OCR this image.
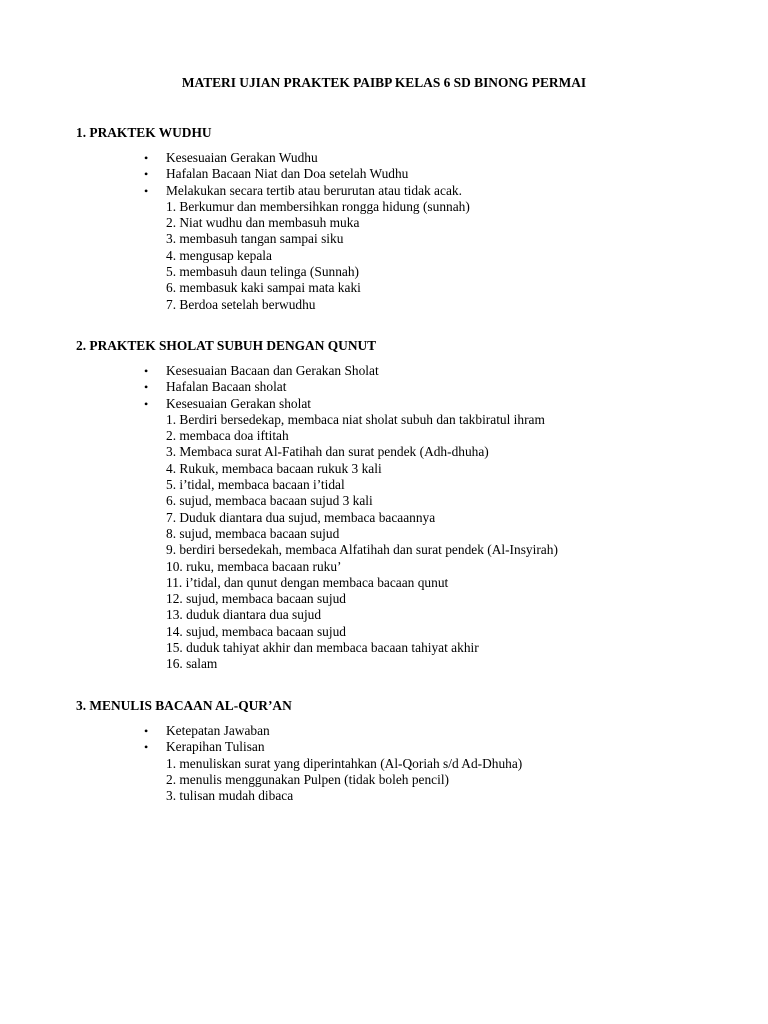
MATERI UJIAN PRAKTEK PAIBP KELAS 6 SD BINONG PERMAI
1. PRAKTEK WUDHU
• Kesesuaian Gerakan Wudhu
• Hafalan Bacaan Niat dan Doa setelah Wudhu
• Melakukan secara tertib atau berurutan atau tidak acak.
1. Berkumur dan membersihkan rongga hidung (sunnah)
2. Niat wudhu dan membasuh muka
3. membasuh tangan sampai siku
4. mengusap kepala
5. membasuh daun telinga (Sunnah)
6. membasuk kaki sampai mata kaki
7. Berdoa setelah berwudhu
2. PRAKTEK SHOLAT SUBUH DENGAN QUNUT
• Kesesuaian Bacaan dan Gerakan Sholat
• Hafalan Bacaan sholat
• Kesesuaian Gerakan sholat
1. Berdiri bersedekap, membaca niat sholat subuh dan takbiratul ihram
2. membaca doa iftitah
3. Membaca surat Al-Fatihah dan surat pendek (Adh-dhuha)
4. Rukuk, membaca bacaan rukuk 3 kali
5. i’tidal, membaca bacaan i’tidal
6. sujud, membaca bacaan sujud 3 kali
7. Duduk diantara dua sujud, membaca bacaannya
8. sujud, membaca bacaan sujud
9. berdiri bersedekah, membaca Alfatihah dan surat pendek (Al-Insyirah)
10. ruku, membaca bacaan ruku’
11. i’tidal, dan qunut dengan membaca bacaan qunut
12. sujud, membaca bacaan sujud
13. duduk diantara dua sujud
14. sujud, membaca bacaan sujud
15. duduk tahiyat akhir dan membaca bacaan tahiyat akhir
16. salam
3. MENULIS BACAAN AL-QUR’AN
• Ketepatan Jawaban
• Kerapihan Tulisan
1. menuliskan surat yang diperintahkan (Al-Qoriah s/d Ad-Dhuha)
2. menulis menggunakan Pulpen (tidak boleh pencil)
3. tulisan mudah dibaca
